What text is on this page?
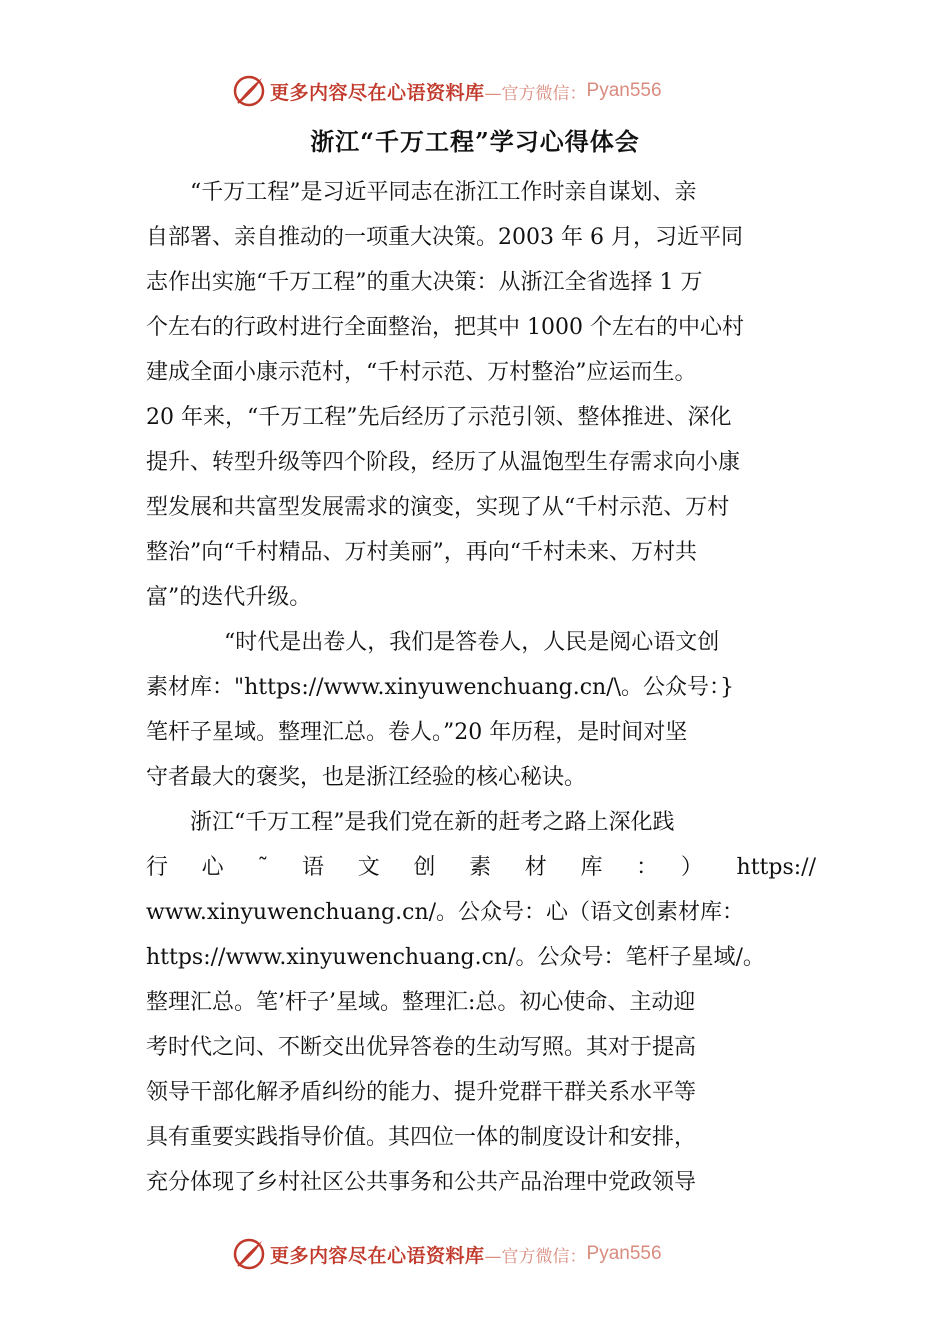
更多内容尽在心语资料库 —官方微信： Pyan556
浙江“千万工程”学习心得体会
“千万工程”是习近平同志在浙江工作时亲自谋划、亲
自部署、亲自推动的一项重大决策。2003 年 6 月，习近平同
志作出实施“千万工程”的重大决策：从浙江全省选择 1 万
个左右的行政村进行全面整治，把其中 1000 个左右的中心村
建成全面小康示范村，“千村示范、万村整治”应运而生。
20 年来，“千万工程”先后经历了示范引领、整体推进、深化
提升、转型升级等四个阶段，经历了从温饱型生存需求向小康
型发展和共富型发展需求的演变，实现了从“千村示范、万村
整治”向“千村精品、万村美丽”，再向“千村未来、万村共
富”的迭代升级。
“时代是出卷人，我们是答卷人，人民是阅心语文创
素材库："https://www.xinyuwenchuang.cn/\。公众号：}
笔杆子星域。整理汇总。卷人。”20 年历程，是时间对坚
守者最大的褒奖，也是浙江经验的核心秘诀。
浙江“千万工程”是我们党在新的赶考之路上深化践
行心˜语文创素材库：）https://
www.xinyuwenchuang.cn/。公众号：心（语文创素材库：
https://www.xinyuwenchuang.cn/。公众号：笔杆子星域/。
整理汇总。笔’杆子’星域。整理汇:总。初心使命、主动迎
考时代之问、不断交出优异答卷的生动写照。其对于提高
领导干部化解矛盾纠纷的能力、提升党群干群关系水平等
具有重要实践指导价值。其四位一体的制度设计和安排，
充分体现了乡村社区公共事务和公共产品治理中党政领导
更多内容尽在心语资料库 —官方微信： Pyan556
